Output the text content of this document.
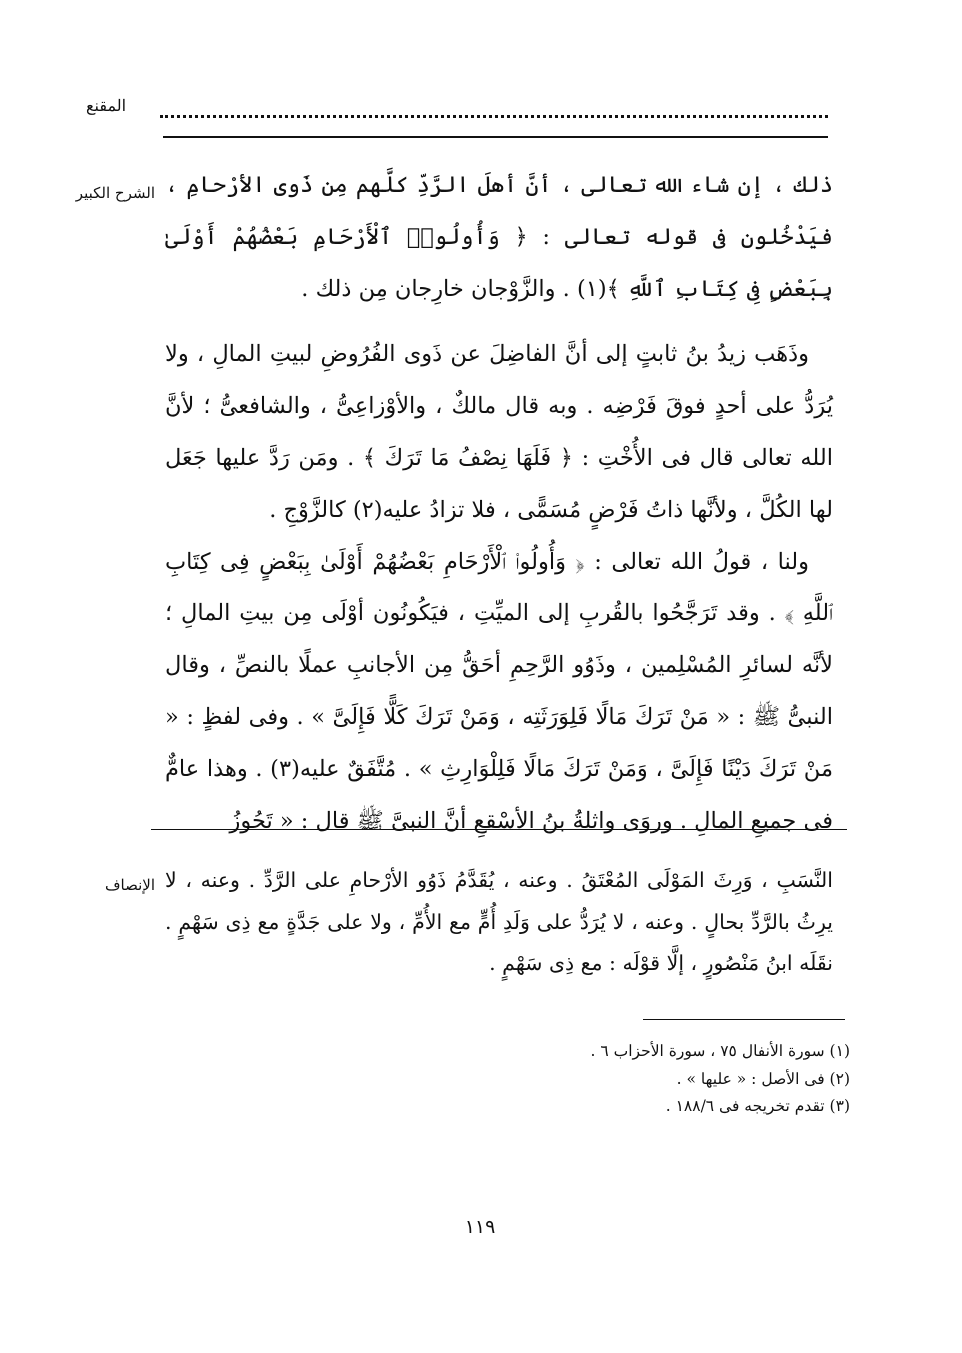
المقنع
الشرح الكبير ذلك ، إن شاء الله تعالى ، أنَّ أهلَ الرَّدِّ كلَّهم مِن ذَوى الأرْحامِ ، فيَدْخُلون فى قوله تعالى : ﴿ وَأُولُوا۟ ٱلْأَرْحَامِ بَعْضُهُمْ أَوْلَىٰ بِبَعْضٍ فِى كِتَابِ ٱللَّهِ ﴾(١) . والزَّوْجان خارِجان مِن ذلك .

وذَهَب زيدُ بنُ ثابتٍ إلى أنَّ الفاضِلَ عن ذَوى الفُرُوضِ لبيتِ المالِ ، ولا يُرَدُّ على أحدٍ فوقَ فَرْضِه . وبه قال مالكٌ ، والأوْزاعِىُّ ، والشافعىُّ ؛ لأنَّ الله تعالى قال فى الأُخْتِ : ﴿ فَلَهَا نِصْفُ مَا تَرَكَ ﴾ . ومَن رَدَّ عليها جَعَل لها الكُلَّ ، ولأنَّها ذاتُ فَرْضٍ مُسَمًّى ، فلا تزادُ عليه(٢) كالزَّوْجِ .

ولنا ، قولُ الله تعالى : ﴿ وَأُولُوا۟ ٱلْأَرْحَامِ بَعْضُهُمْ أَوْلَىٰ بِبَعْضٍ فِى كِتَابِ ٱللَّهِ ﴾ . وقد تَرَجَّحُوا بالقُربِ إلى الميِّتِ ، فيَكُونُون أوْلَى مِن بيتِ المالِ ؛ لأنَّه لسائرِ المُسْلِمين ، وذَوُو الرَّحِمِ أحَقُّ مِن الأجانبِ عملًا بالنصِّ ، وقال النبىُّ ﷺ : « مَنْ تَرَكَ مَالًا فَلِوَرَثَتِه ، وَمَنْ تَرَكَ كَلًّا فَإِلَىَّ » . وفى لفظٍ : « مَنْ تَرَكَ دَيْنًا فَإِلَىَّ ، وَمَنْ تَرَكَ مَالًا فَلِلْوَارِثِ » . مُتَّفَقٌ عليه(٣) . وهذا عامٌّ فى جميعِ المالِ . وروَى واثلةُ بنُ الأسْقعِ أنَّ النبىَّ ﷺ قال : « تَحُوزُ

الإنصاف النَّسَبِ ، وَرِثَ المَوْلَى المُعْتَقُ . وعنه ، يُقَدَّمُ ذَوُو الأرْحامِ على الرَّدِّ . وعنه ، لا يرِثُ بالرَّدِّ بحالٍ . وعنه ، لا يُرَدُّ على وَلَدِ أُمٍّ مع الأُمِّ ، ولا على جَدَّةٍ مع ذِى سَهْمٍ . نقَلَه ابنُ مَنْصُورٍ ، إلَّا قوْلَه : مع ذِى سَهْمٍ .

(١) سورة الأنفال ٧٥ ، سورة الأحزاب ٦ .
(٢) فى الأصل : « عليها » .
(٣) تقدم تخريجه فى ١٨٨/٦ .
١١٩
